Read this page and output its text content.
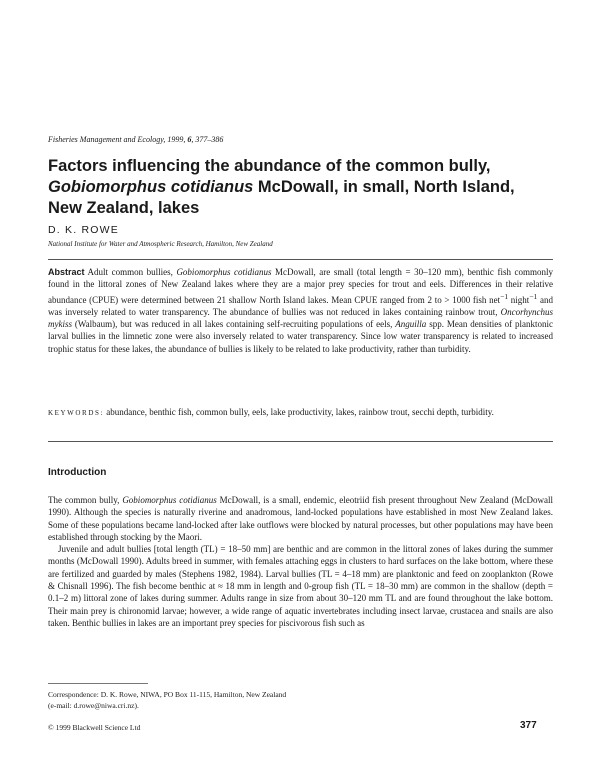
Fisheries Management and Ecology, 1999, 6, 377–386
Factors influencing the abundance of the common bully, Gobiomorphus cotidianus McDowall, in small, North Island, New Zealand, lakes
D. K. ROWE
National Institute for Water and Atmospheric Research, Hamilton, New Zealand
Abstract Adult common bullies, Gobiomorphus cotidianus McDowall, are small (total length = 30–120 mm), benthic fish commonly found in the littoral zones of New Zealand lakes where they are a major prey species for trout and eels. Differences in their relative abundance (CPUE) were determined between 21 shallow North Island lakes. Mean CPUE ranged from 2 to > 1000 fish net$^{-1}$ night$^{-1}$ and was inversely related to water transparency. The abundance of bullies was not reduced in lakes containing rainbow trout, Oncorhynchus mykiss (Walbaum), but was reduced in all lakes containing self-recruiting populations of eels, Anguilla spp. Mean densities of planktonic larval bullies in the limnetic zone were also inversely related to water transparency. Since low water transparency is related to increased trophic status for these lakes, the abundance of bullies is likely to be related to lake productivity, rather than turbidity.
KEYWORDS: abundance, benthic fish, common bully, eels, lake productivity, lakes, rainbow trout, secchi depth, turbidity.
Introduction

The common bully, Gobiomorphus cotidianus McDowall, is a small, endemic, eleotriid fish present throughout New Zealand (McDowall 1990). Although the species is naturally riverine and anadromous, land-locked populations have established in most New Zealand lakes. Some of these populations became land-locked after lake outflows were blocked by natural processes, but other populations may have been established through stocking by the Maori.

Juvenile and adult bullies [total length (TL) = 18–50 mm] are benthic and are common in the littoral zones of lakes during the summer months (McDowall 1990). Adults breed in summer, with females attaching eggs in clusters to hard surfaces on the lake bottom, where these are fertilized and guarded by males (Stephens 1982, 1984). Larval bullies (TL = 4–18 mm) are planktonic and feed on zooplankton (Rowe & Chisnall 1996). The fish become benthic at ≈ 18 mm in length and 0-group fish (TL = 18–30 mm) are common in the shallow (depth = 0.1–2 m) littoral zone of lakes during summer. Adults range in size from about 30–120 mm TL and are found throughout the lake bottom. Their main prey is chironomid larvae; however, a wide range of aquatic invertebrates including insect larvae, crustacea and snails are also taken. Benthic bullies in lakes are an important prey species for piscivorous fish such as

Correspondence: D. K. Rowe, NIWA, PO Box 11-115, Hamilton, New Zealand
(e-mail: d.rowe@niwa.cri.nz).
© 1999 Blackwell Science Ltd	377
